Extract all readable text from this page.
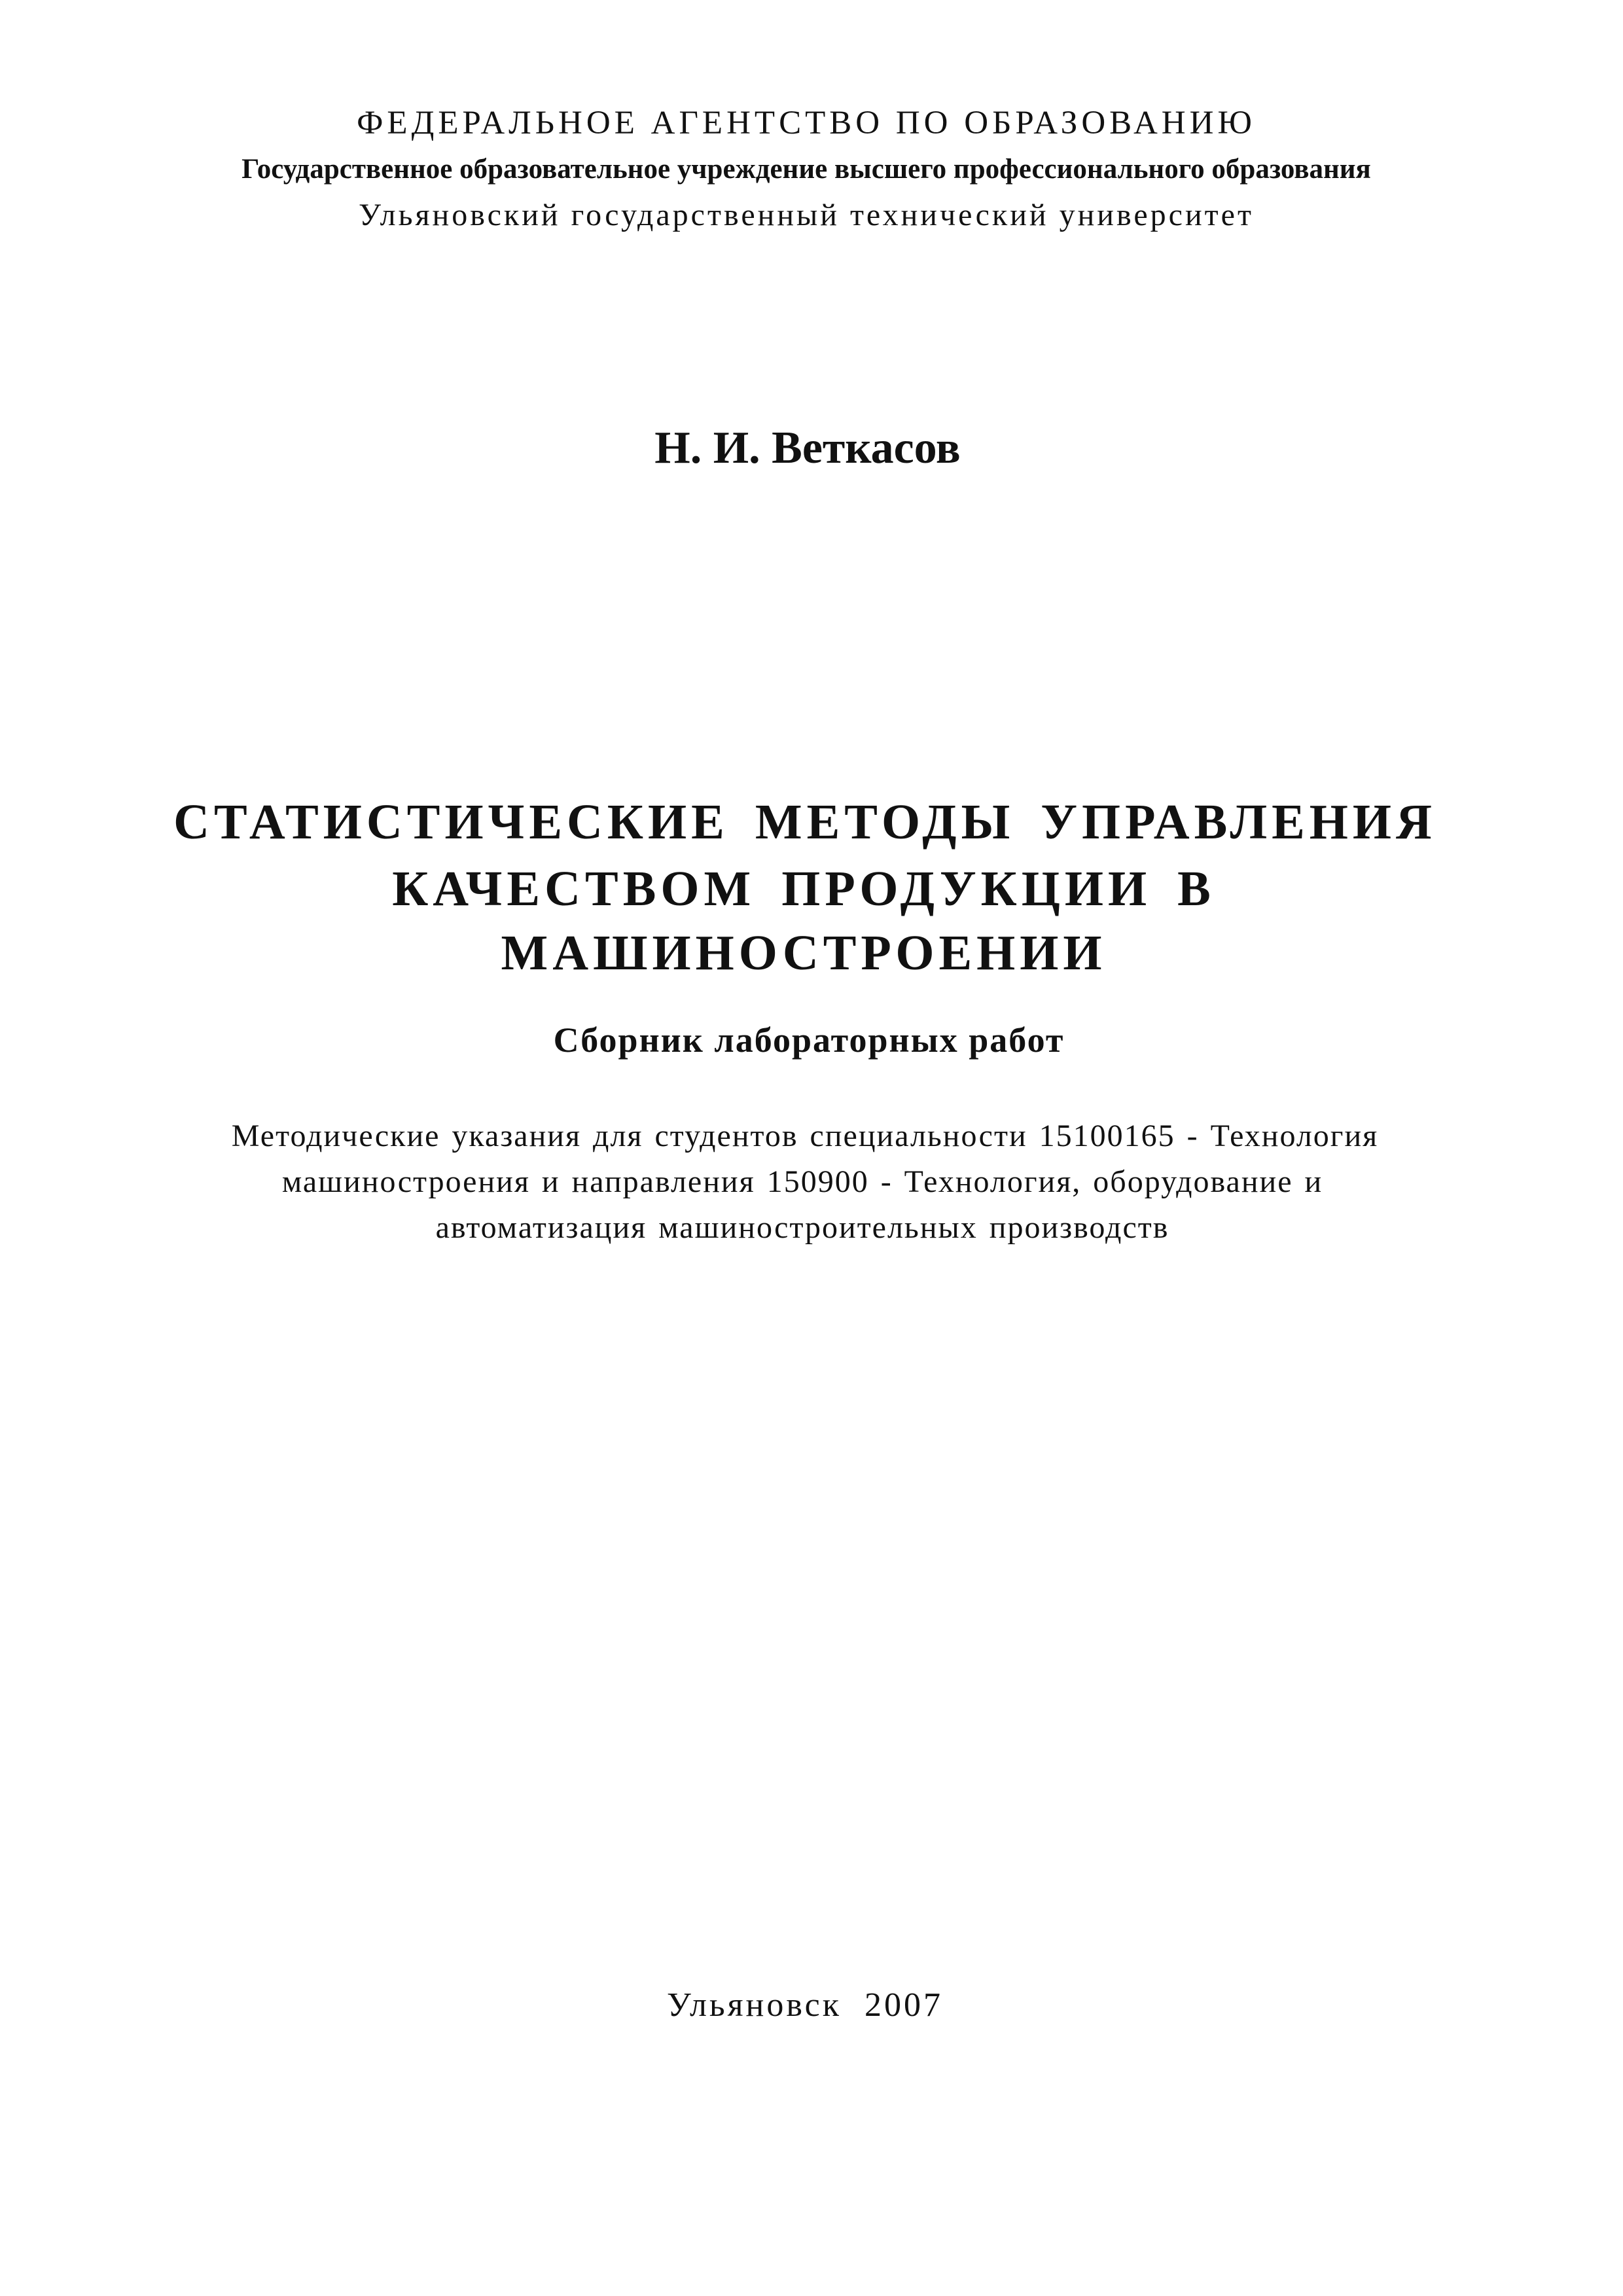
ФЕДЕРАЛЬНОЕ АГЕНТСТВО ПО ОБРАЗОВАНИЮ
Государственное образовательное учреждение высшего профессионального образования
Ульяновский государственный технический университет
Н. И. Веткасов
СТАТИСТИЧЕСКИЕ МЕТОДЫ УПРАВЛЕНИЯ
КАЧЕСТВОМ ПРОДУКЦИИ В
МАШИНОСТРОЕНИИ
Сборник лабораторных работ
Методические указания для студентов специальности 15100165 - Технология
машиностроения и направления 150900 - Технология, оборудование и
автоматизация машиностроительных производств
Ульяновск 2007
